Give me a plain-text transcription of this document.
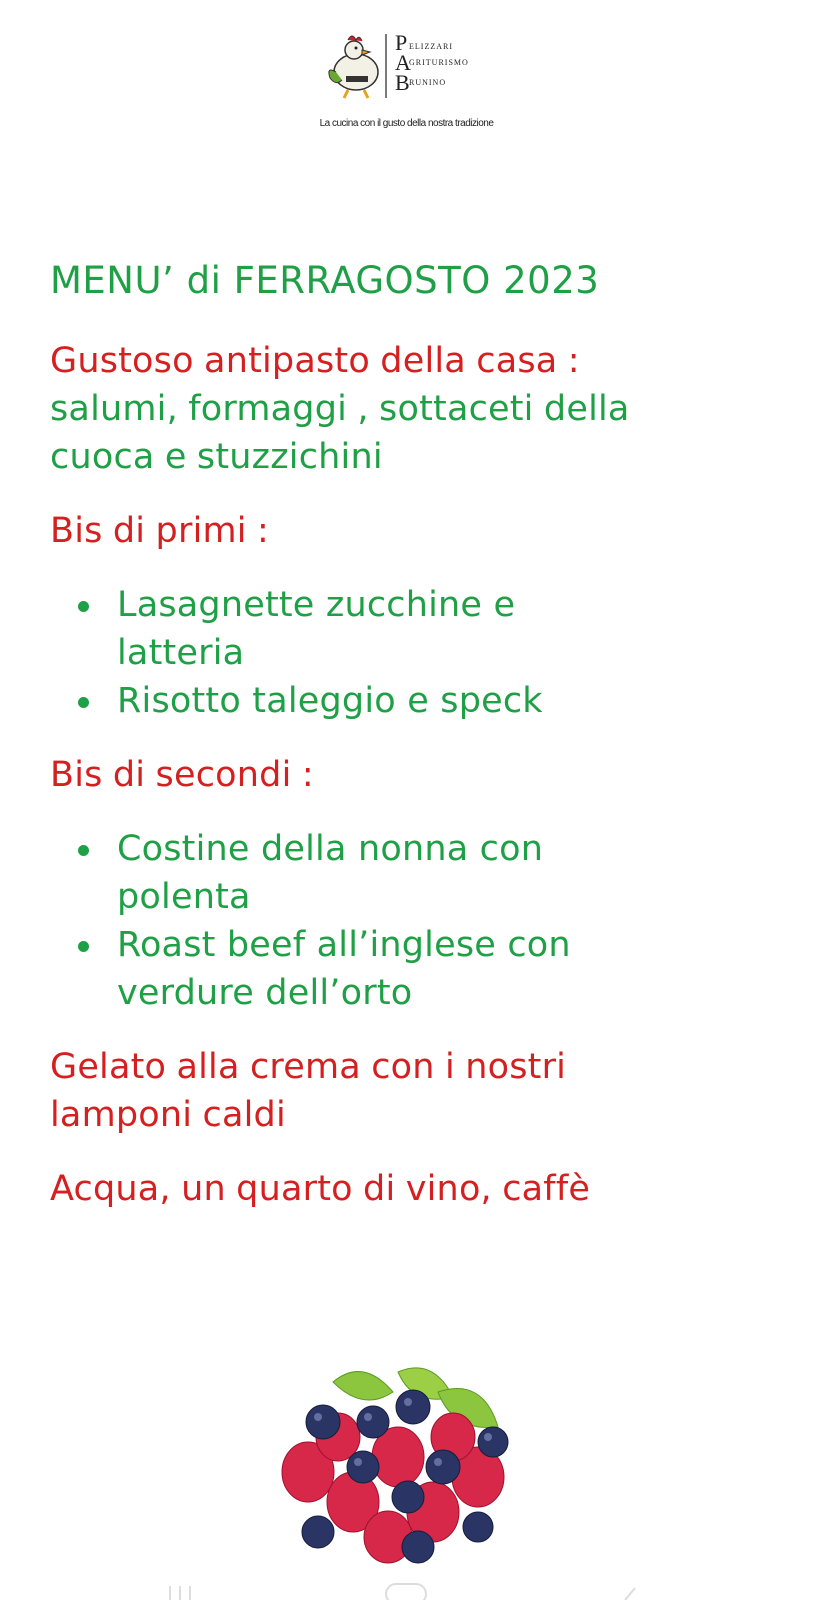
P ELIZZARI
A
GRITURISMO
B RUNINO
La cucina con il gusto della nostra tradizione
MENU’ di FERRAGOSTO 2023
Gustoso antipasto della casa :
salumi, formaggi , sottaceti della cuoca e stuzzichini
Bis di primi :
Lasagnette zucchine e latteria
Risotto taleggio e speck
Bis di secondi :
Costine della nonna con polenta
Roast beef all’inglese con verdure dell’orto
Gelato alla crema con i nostri lamponi caldi
Acqua, un quarto di vino, caffè
